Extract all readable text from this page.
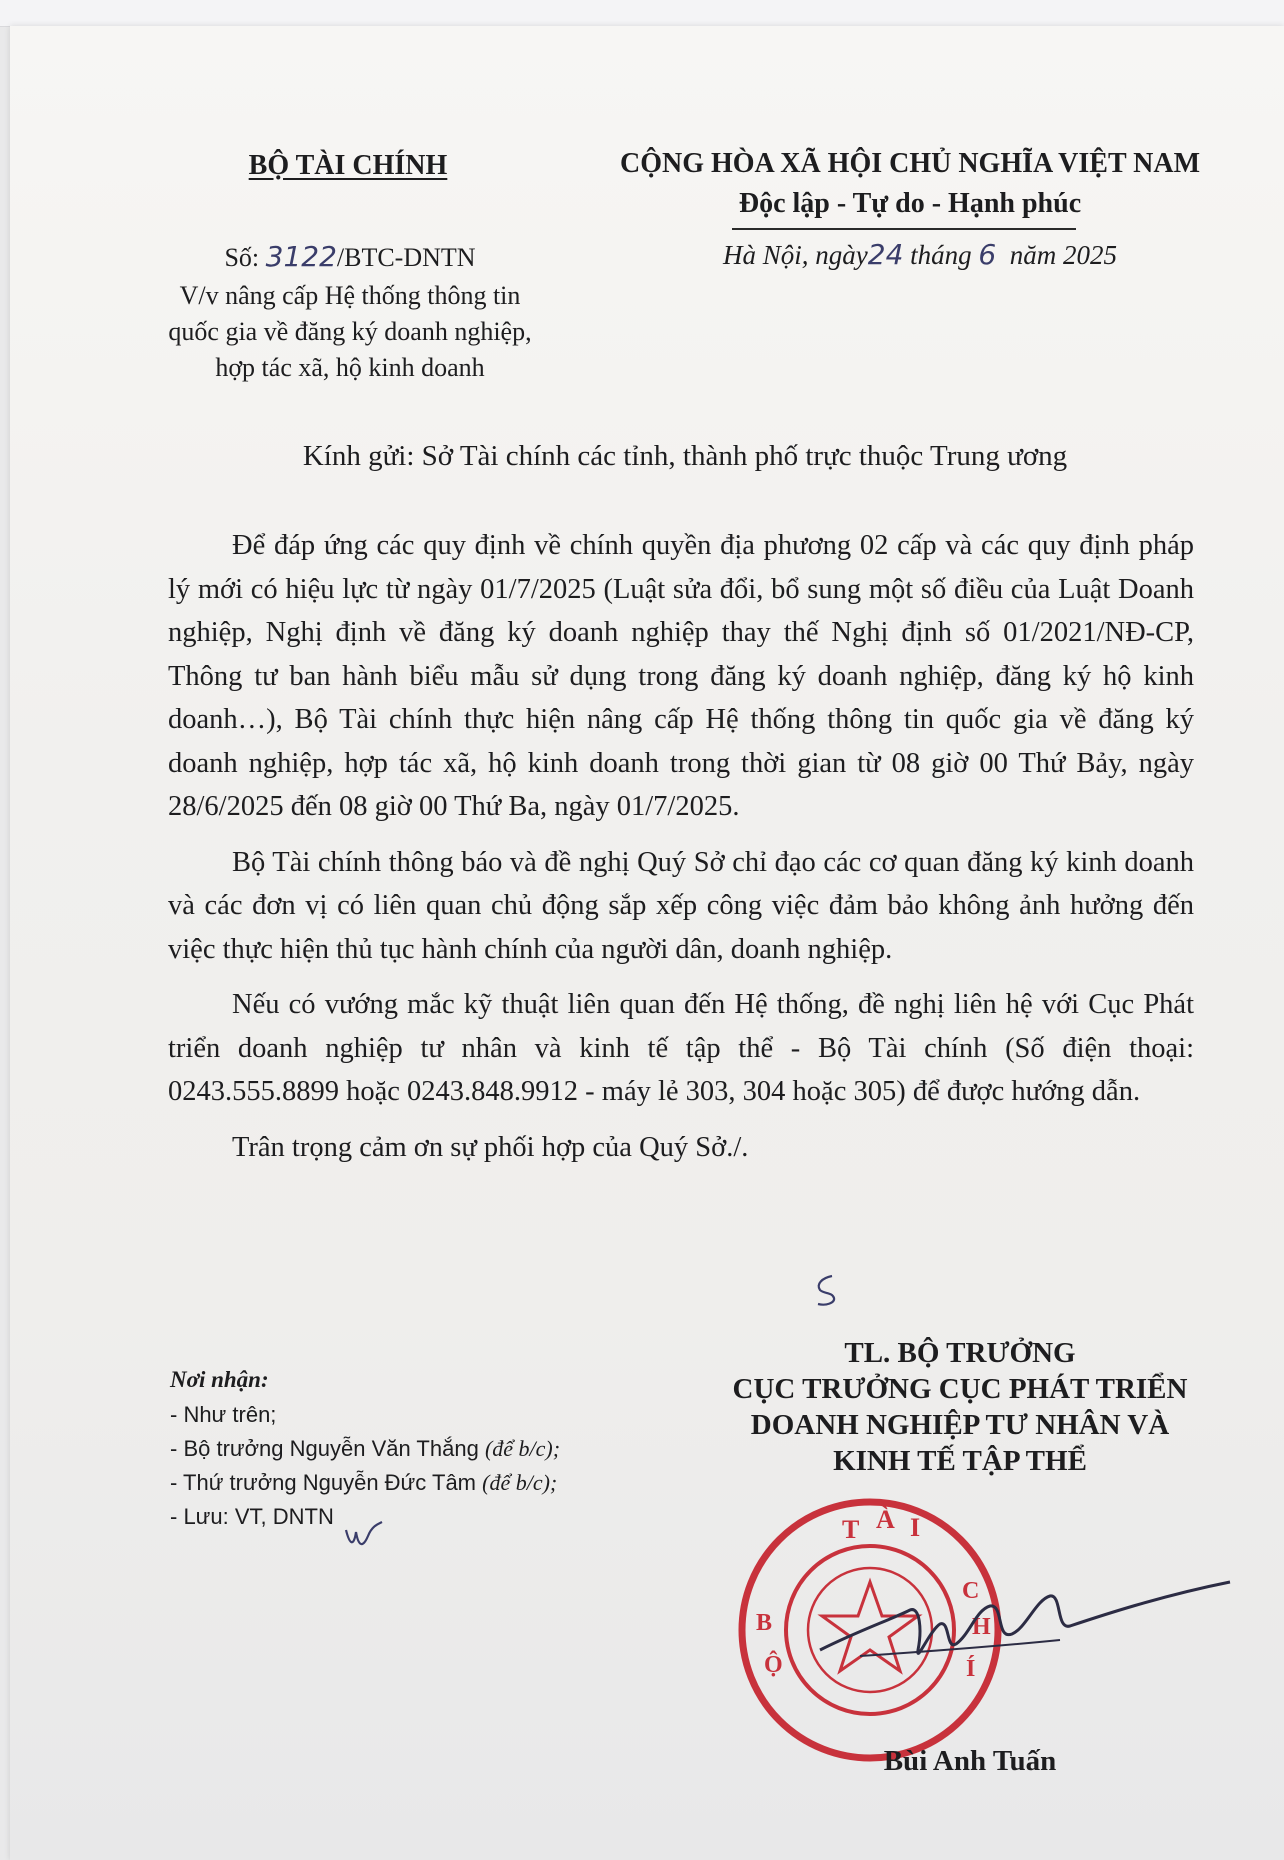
BỘ TÀI CHÍNH	CỘNG HÒA XÃ HỘI CHỦ NGHĨA VIỆT NAM
Độc lập - Tự do - Hạnh phúc
Số: 3122/BTC-DNTN	Hà Nội, ngày24 tháng 6 năm 2025
V/v nâng cấp Hệ thống thông tin
quốc gia về đăng ký doanh nghiệp,
hợp tác xã, hộ kinh doanh
Kính gửi: Sở Tài chính các tỉnh, thành phố trực thuộc Trung ương

Để đáp ứng các quy định về chính quyền địa phương 02 cấp và các quy định pháp lý mới có hiệu lực từ ngày 01/7/2025 (Luật sửa đổi, bổ sung một số điều của Luật Doanh nghiệp, Nghị định về đăng ký doanh nghiệp thay thế Nghị định số 01/2021/NĐ-CP, Thông tư ban hành biểu mẫu sử dụng trong đăng ký doanh nghiệp, đăng ký hộ kinh doanh…), Bộ Tài chính thực hiện nâng cấp Hệ thống thông tin quốc gia về đăng ký doanh nghiệp, hợp tác xã, hộ kinh doanh trong thời gian từ 08 giờ 00 Thứ Bảy, ngày 28/6/2025 đến 08 giờ 00 Thứ Ba, ngày 01/7/2025.

Bộ Tài chính thông báo và đề nghị Quý Sở chỉ đạo các cơ quan đăng ký kinh doanh và các đơn vị có liên quan chủ động sắp xếp công việc đảm bảo không ảnh hưởng đến việc thực hiện thủ tục hành chính của người dân, doanh nghiệp.

Nếu có vướng mắc kỹ thuật liên quan đến Hệ thống, đề nghị liên hệ với Cục Phát triển doanh nghiệp tư nhân và kinh tế tập thể - Bộ Tài chính (Số điện thoại: 0243.555.8899 hoặc 0243.848.9912 - máy lẻ 303, 304 hoặc 305) để được hướng dẫn.

Trân trọng cảm ơn sự phối hợp của Quý Sở./.

Nơi nhận:
- Như trên;
- Bộ trưởng Nguyễn Văn Thắng (để b/c);
- Thứ trưởng Nguyễn Đức Tâm (để b/c);
- Lưu: VT, DNTN
TL. BỘ TRƯỞNG
CỤC TRƯỞNG CỤC PHÁT TRIỂN
DOANH NGHIỆP TƯ NHÂN VÀ
KINH TẾ TẬP THỂ
T À I
C
H
Í
B
Ộ
Bùi Anh Tuấn
